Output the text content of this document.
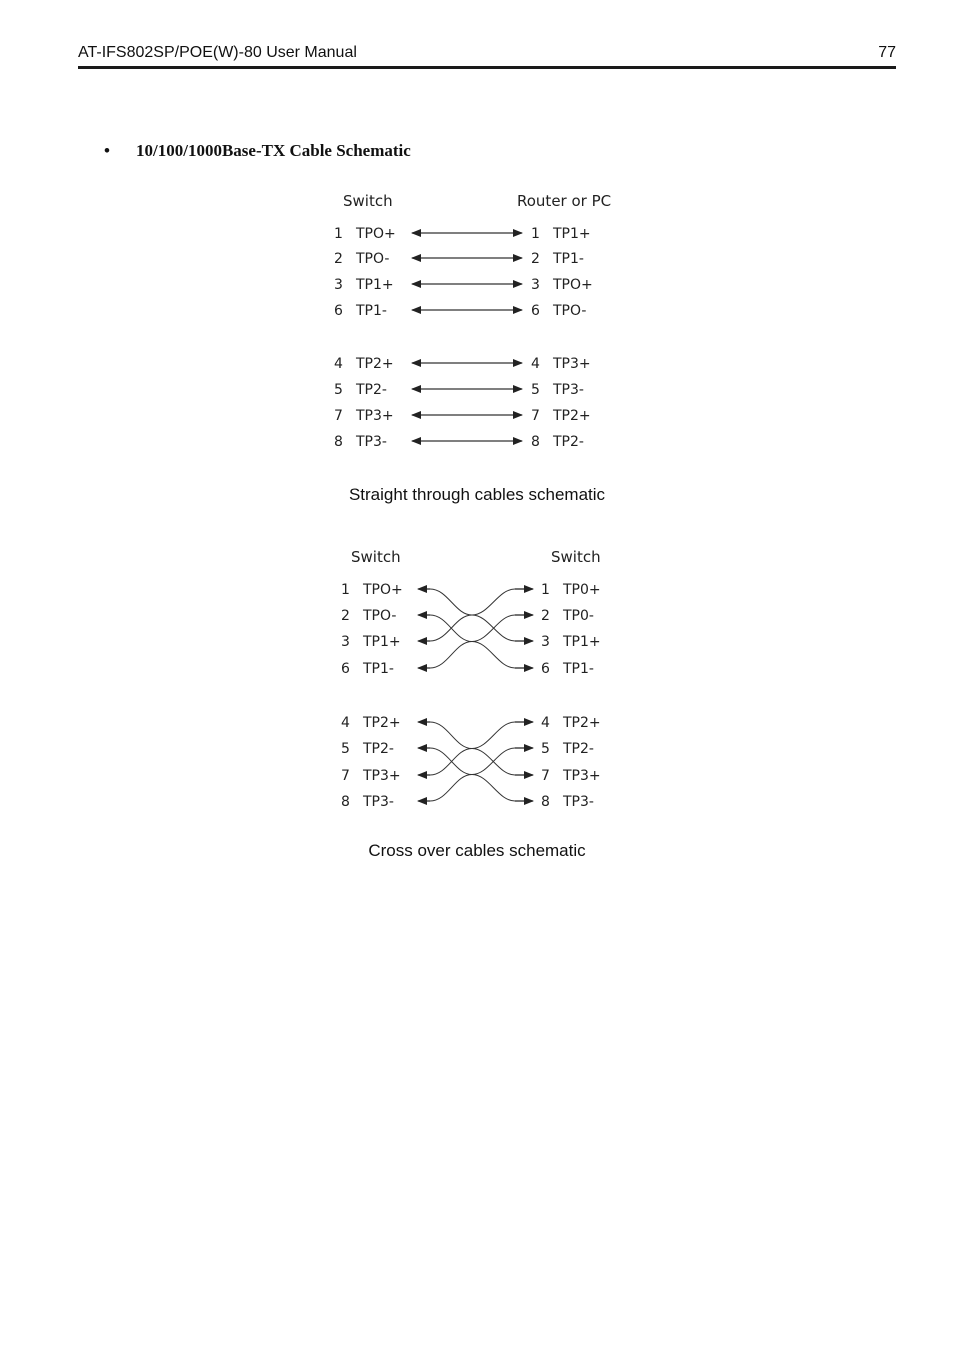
AT-IFS802SP/POE(W)-80 User Manual	77
• 10/100/1000Base-TX Cable Schematic
Switch	Router or PC
1 TPO+	1 TP1+
2 TPO-	2 TP1-
3 TP1+	3 TPO+
6 TP1-	6 TPO-
4 TP2+	4 TP3+
5 TP2-	5 TP3-
7 TP3+	7 TP2+
8 TP3-	8 TP2-
Straight through cables schematic
Switch	Switch
1 TPO+	1 TP0+
2 TPO-	2 TP0-
3 TP1+	3 TP1+
6 TP1-	6 TP1-
4 TP2+	4 TP2+
5 TP2-	5 TP2-
7 TP3+	7 TP3+
8 TP3-	8 TP3-
Cross over cables schematic
